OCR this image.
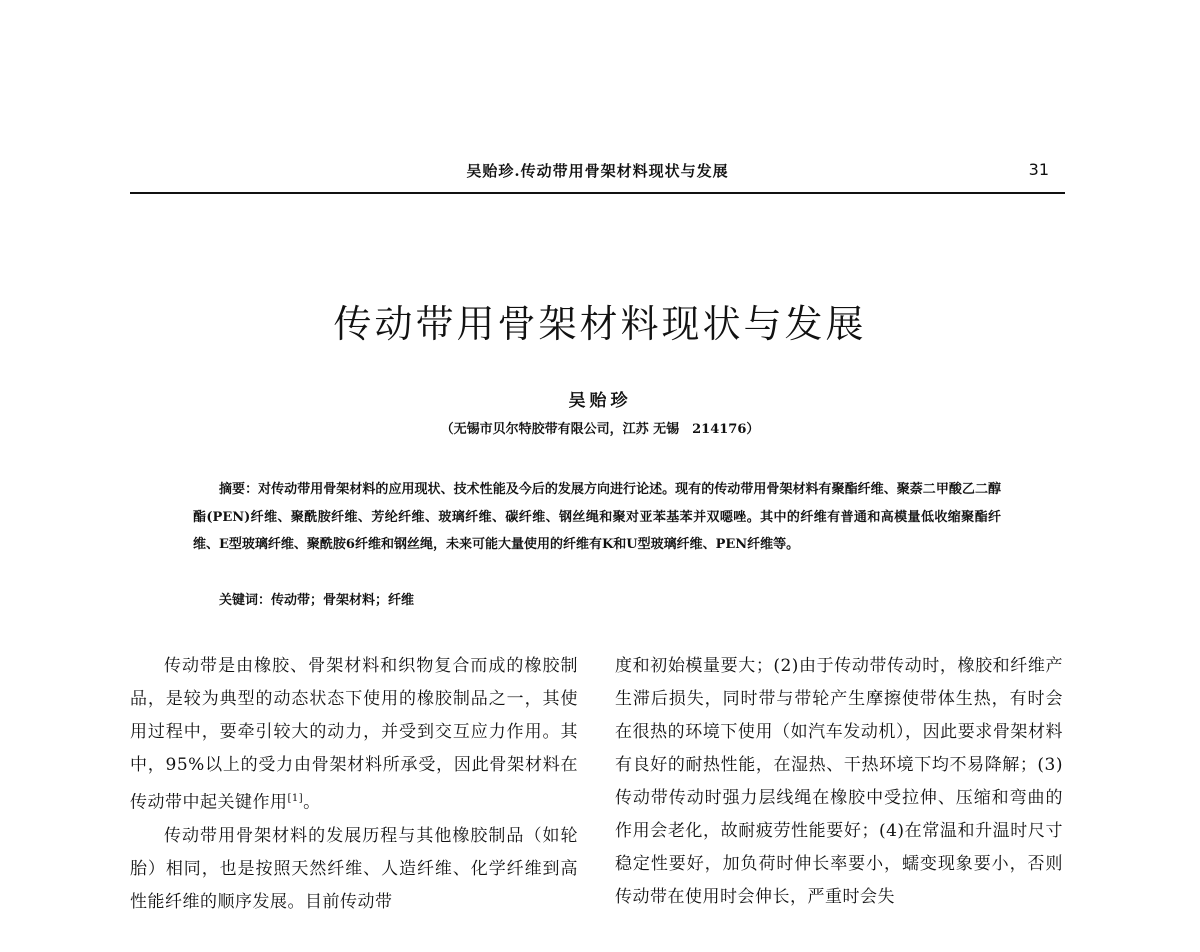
吴贻珍.传动带用骨架材料现状与发展	31
传动带用骨架材料现状与发展
吴贻珍
（无锡市贝尔特胶带有限公司，江苏 无锡　214176）
摘要：对传动带用骨架材料的应用现状、技术性能及今后的发展方向进行论述。现有的传动带用骨架材料有聚酯纤维、聚萘二甲酸乙二醇酯(PEN)纤维、聚酰胺纤维、芳纶纤维、玻璃纤维、碳纤维、钢丝绳和聚对亚苯基苯并双噁唑。其中的纤维有普通和高模量低收缩聚酯纤维、E型玻璃纤维、聚酰胺6纤维和钢丝绳，未来可能大量使用的纤维有K和U型玻璃纤维、PEN纤维等。
关键词：传动带；骨架材料；纤维

传动带是由橡胶、骨架材料和织物复合而成的橡胶制品，是较为典型的动态状态下使用的橡胶制品之一，其使用过程中，要牵引较大的动力，并受到交互应力作用。其中，95%以上的受力由骨架材料所承受，因此骨架材料在传动带中起关键作用[1]。

传动带用骨架材料的发展历程与其他橡胶制品（如轮胎）相同，也是按照天然纤维、人造纤维、化学纤维到高性能纤维的顺序发展。目前传动带

度和初始模量要大；(2)由于传动带传动时，橡胶和纤维产生滞后损失，同时带与带轮产生摩擦使带体生热，有时会在很热的环境下使用（如汽车发动机），因此要求骨架材料有良好的耐热性能，在湿热、干热环境下均不易降解；(3)传动带传动时强力层线绳在橡胶中受拉伸、压缩和弯曲的作用会老化，故耐疲劳性能要好；(4)在常温和升温时尺寸稳定性要好，加负荷时伸长率要小，蠕变现象要小，否则传动带在使用时会伸长，严重时会失
